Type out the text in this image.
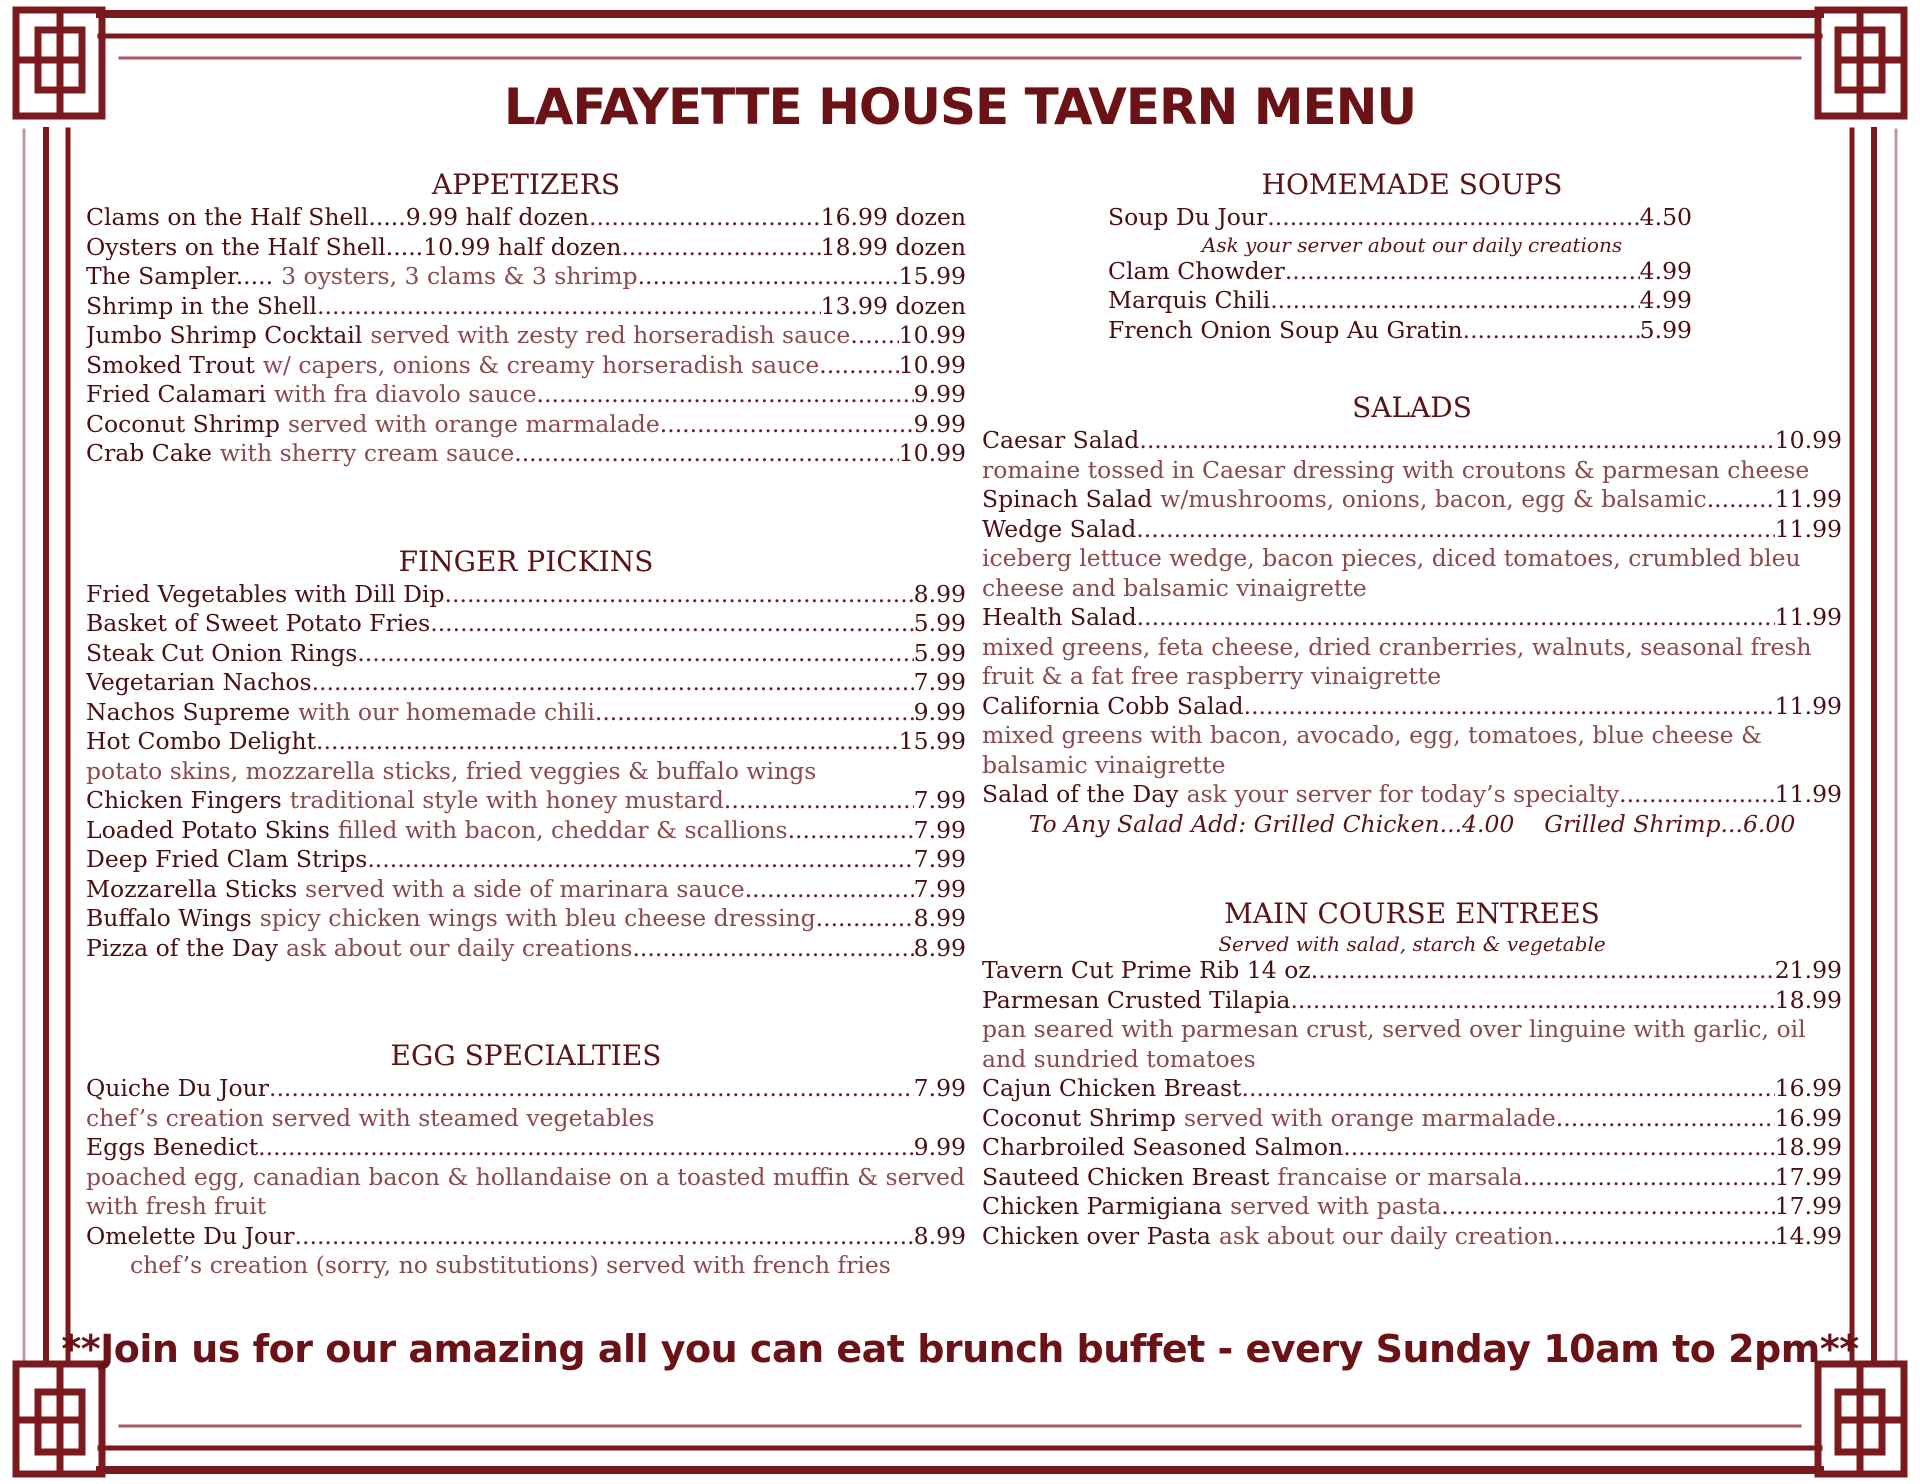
LAFAYETTE HOUSE TAVERN MENU
APPETIZERS
Clams on the Half Shell.....9.99 half dozen .....	16.99 dozen
Oysters on the Half Shell.....10.99 half dozen .....	18.99 dozen
The Sampler..... 3 oysters, 3 clams & 3 shrimp .....	15.99
Shrimp in the Shell .....	13.99 dozen
Jumbo Shrimp Cocktail served with zesty red horseradish sauce ..... 10.99
Smoked Trout w/ capers, onions & creamy horseradish sauce .....	10.99
Fried Calamari with fra diavolo sauce .....	9.99
Coconut Shrimp served with orange marmalade .....	9.99
Crab Cake with sherry cream sauce .....	10.99
FINGER PICKINS
Fried Vegetables with Dill Dip .....	8.99
Basket of Sweet Potato Fries .....	5.99
Steak Cut Onion Rings .....	5.99
Vegetarian Nachos .....	7.99
Nachos Supreme with our homemade chili .....	9.99
Hot Combo Delight .....	15.99
potato skins, mozzarella sticks, fried veggies & buffalo wings
Chicken Fingers traditional style with honey mustard .....	7.99
Loaded Potato Skins filled with bacon, cheddar & scallions .....	7.99
Deep Fried Clam Strips .....	7.99
Mozzarella Sticks served with a side of marinara sauce .....	7.99
Buffalo Wings spicy chicken wings with bleu cheese dressing .....	8.99
Pizza of the Day ask about our daily creations .....	8.99
EGG SPECIALTIES
Quiche Du Jour .....	7.99
chef’s creation served with steamed vegetables
Eggs Benedict .....	9.99
poached egg, canadian bacon & hollandaise on a toasted muffin & served with fresh fruit
Omelette Du Jour .....	8.99
chef’s creation (sorry, no substitutions) served with french fries
HOMEMADE SOUPS
Soup Du Jour .....	4.50
Ask your server about our daily creations
Clam Chowder .....	4.99
Marquis Chili .....	4.99
French Onion Soup Au Gratin .....	5.99
SALADS
Caesar Salad .....	10.99
romaine tossed in Caesar dressing with croutons & parmesan cheese
Spinach Salad w/mushrooms, onions, bacon, egg & balsamic .....	11.99
Wedge Salad .....	11.99
iceberg lettuce wedge, bacon pieces, diced tomatoes, crumbled bleu cheese and balsamic vinaigrette
Health Salad .....	11.99
mixed greens, feta cheese, dried cranberries, walnuts, seasonal fresh fruit & a fat free raspberry vinaigrette
California Cobb Salad .....	11.99
mixed greens with bacon, avocado, egg, tomatoes, blue cheese & balsamic vinaigrette
Salad of the Day ask your server for today’s specialty .....	11.99
To Any Salad Add: Grilled Chicken...4.00    Grilled Shrimp...6.00
MAIN COURSE ENTREES
Served with salad, starch & vegetable
Tavern Cut Prime Rib 14 oz. .....	21.99
Parmesan Crusted Tilapia .....	18.99
pan seared with parmesan crust, served over linguine with garlic, oil and sundried tomatoes
Cajun Chicken Breast .....	16.99
Coconut Shrimp served with orange marmalade .....	16.99
Charbroiled Seasoned Salmon .....	18.99
Sauteed Chicken Breast francaise or marsala .....	17.99
Chicken Parmigiana served with pasta .....	17.99
Chicken over Pasta ask about our daily creation .....	14.99
**Join us for our amazing all you can eat brunch buffet - every Sunday 10am to 2pm**
